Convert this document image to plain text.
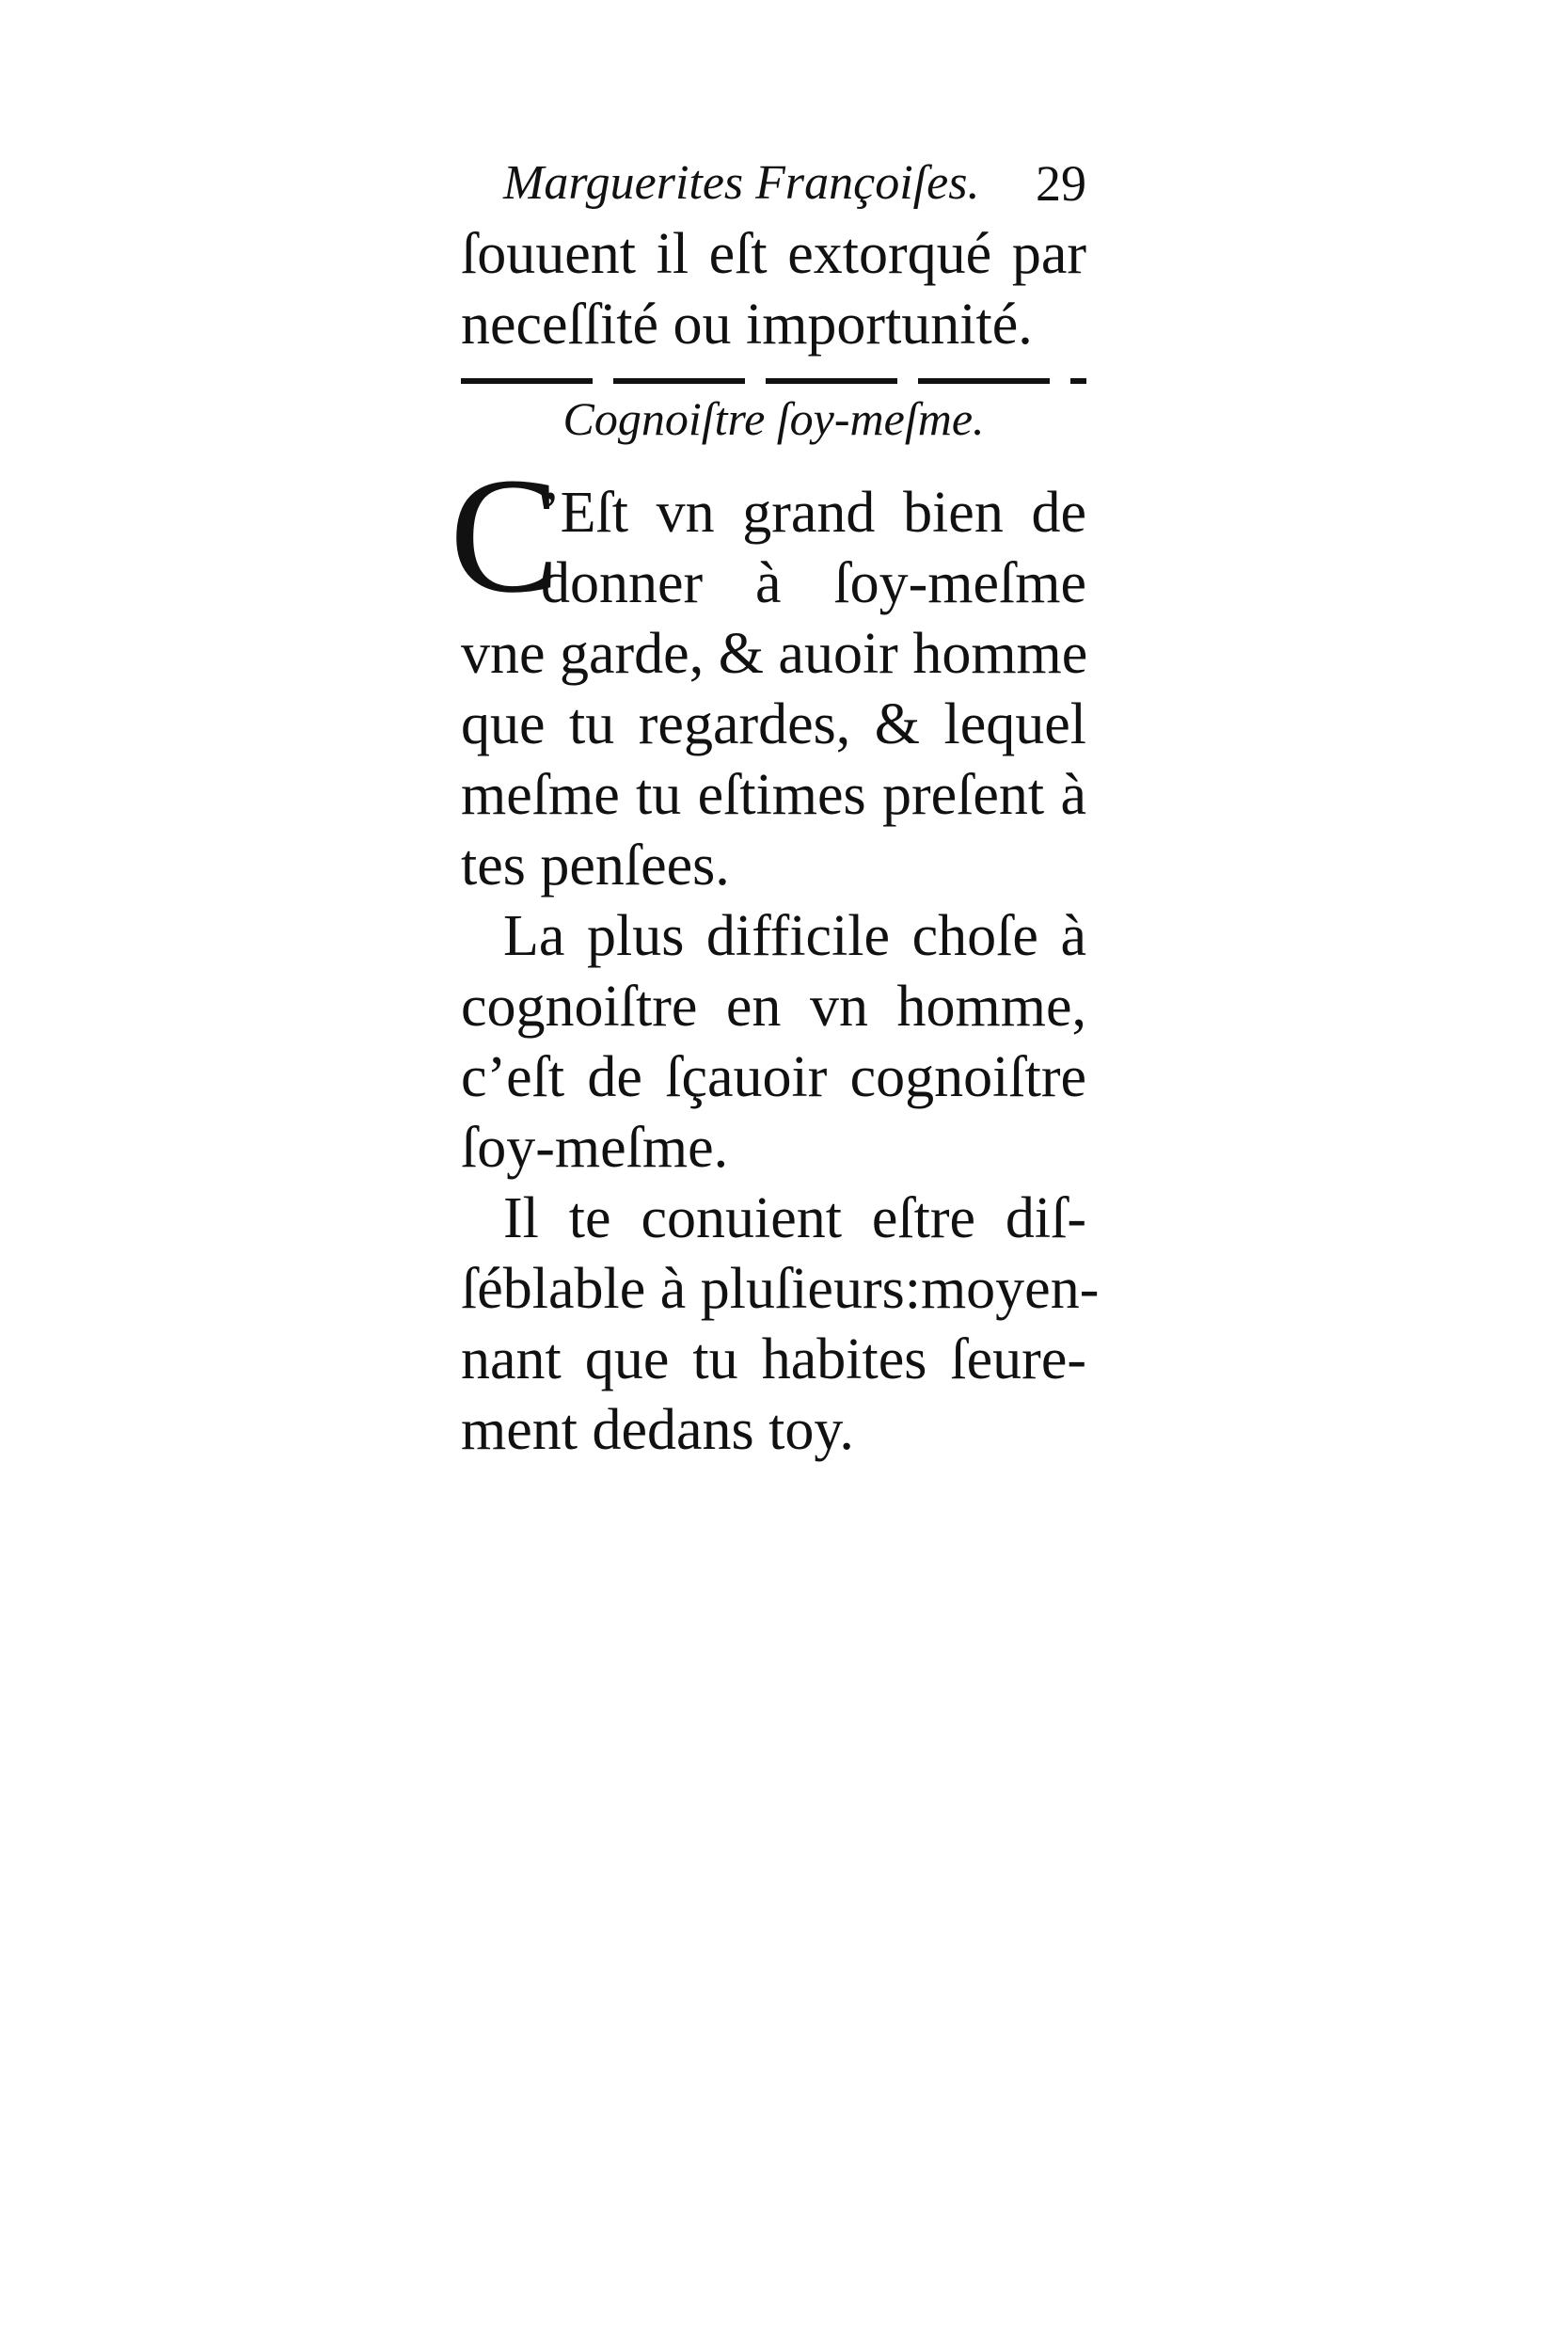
Marguerites Françoiſes. 29
ſouuent il eſt extorqué par
neceſſité ou importunité.
Cognoiſtre ſoy-meſme.
C
’Eſt vn grand bien de
donner à ſoy-meſme
vne garde, & auoir homme
que tu regardes, & lequel
meſme tu eſtimes preſent à
tes penſees.
La plus difficile choſe à
cognoiſtre en vn homme,
c’eſt de ſçauoir cognoiſtre
ſoy-meſme.
Il te conuient eſtre diſ-
ſéblable à pluſieurs:moyen-
nant que tu habites ſeure-
ment dedans toy.
